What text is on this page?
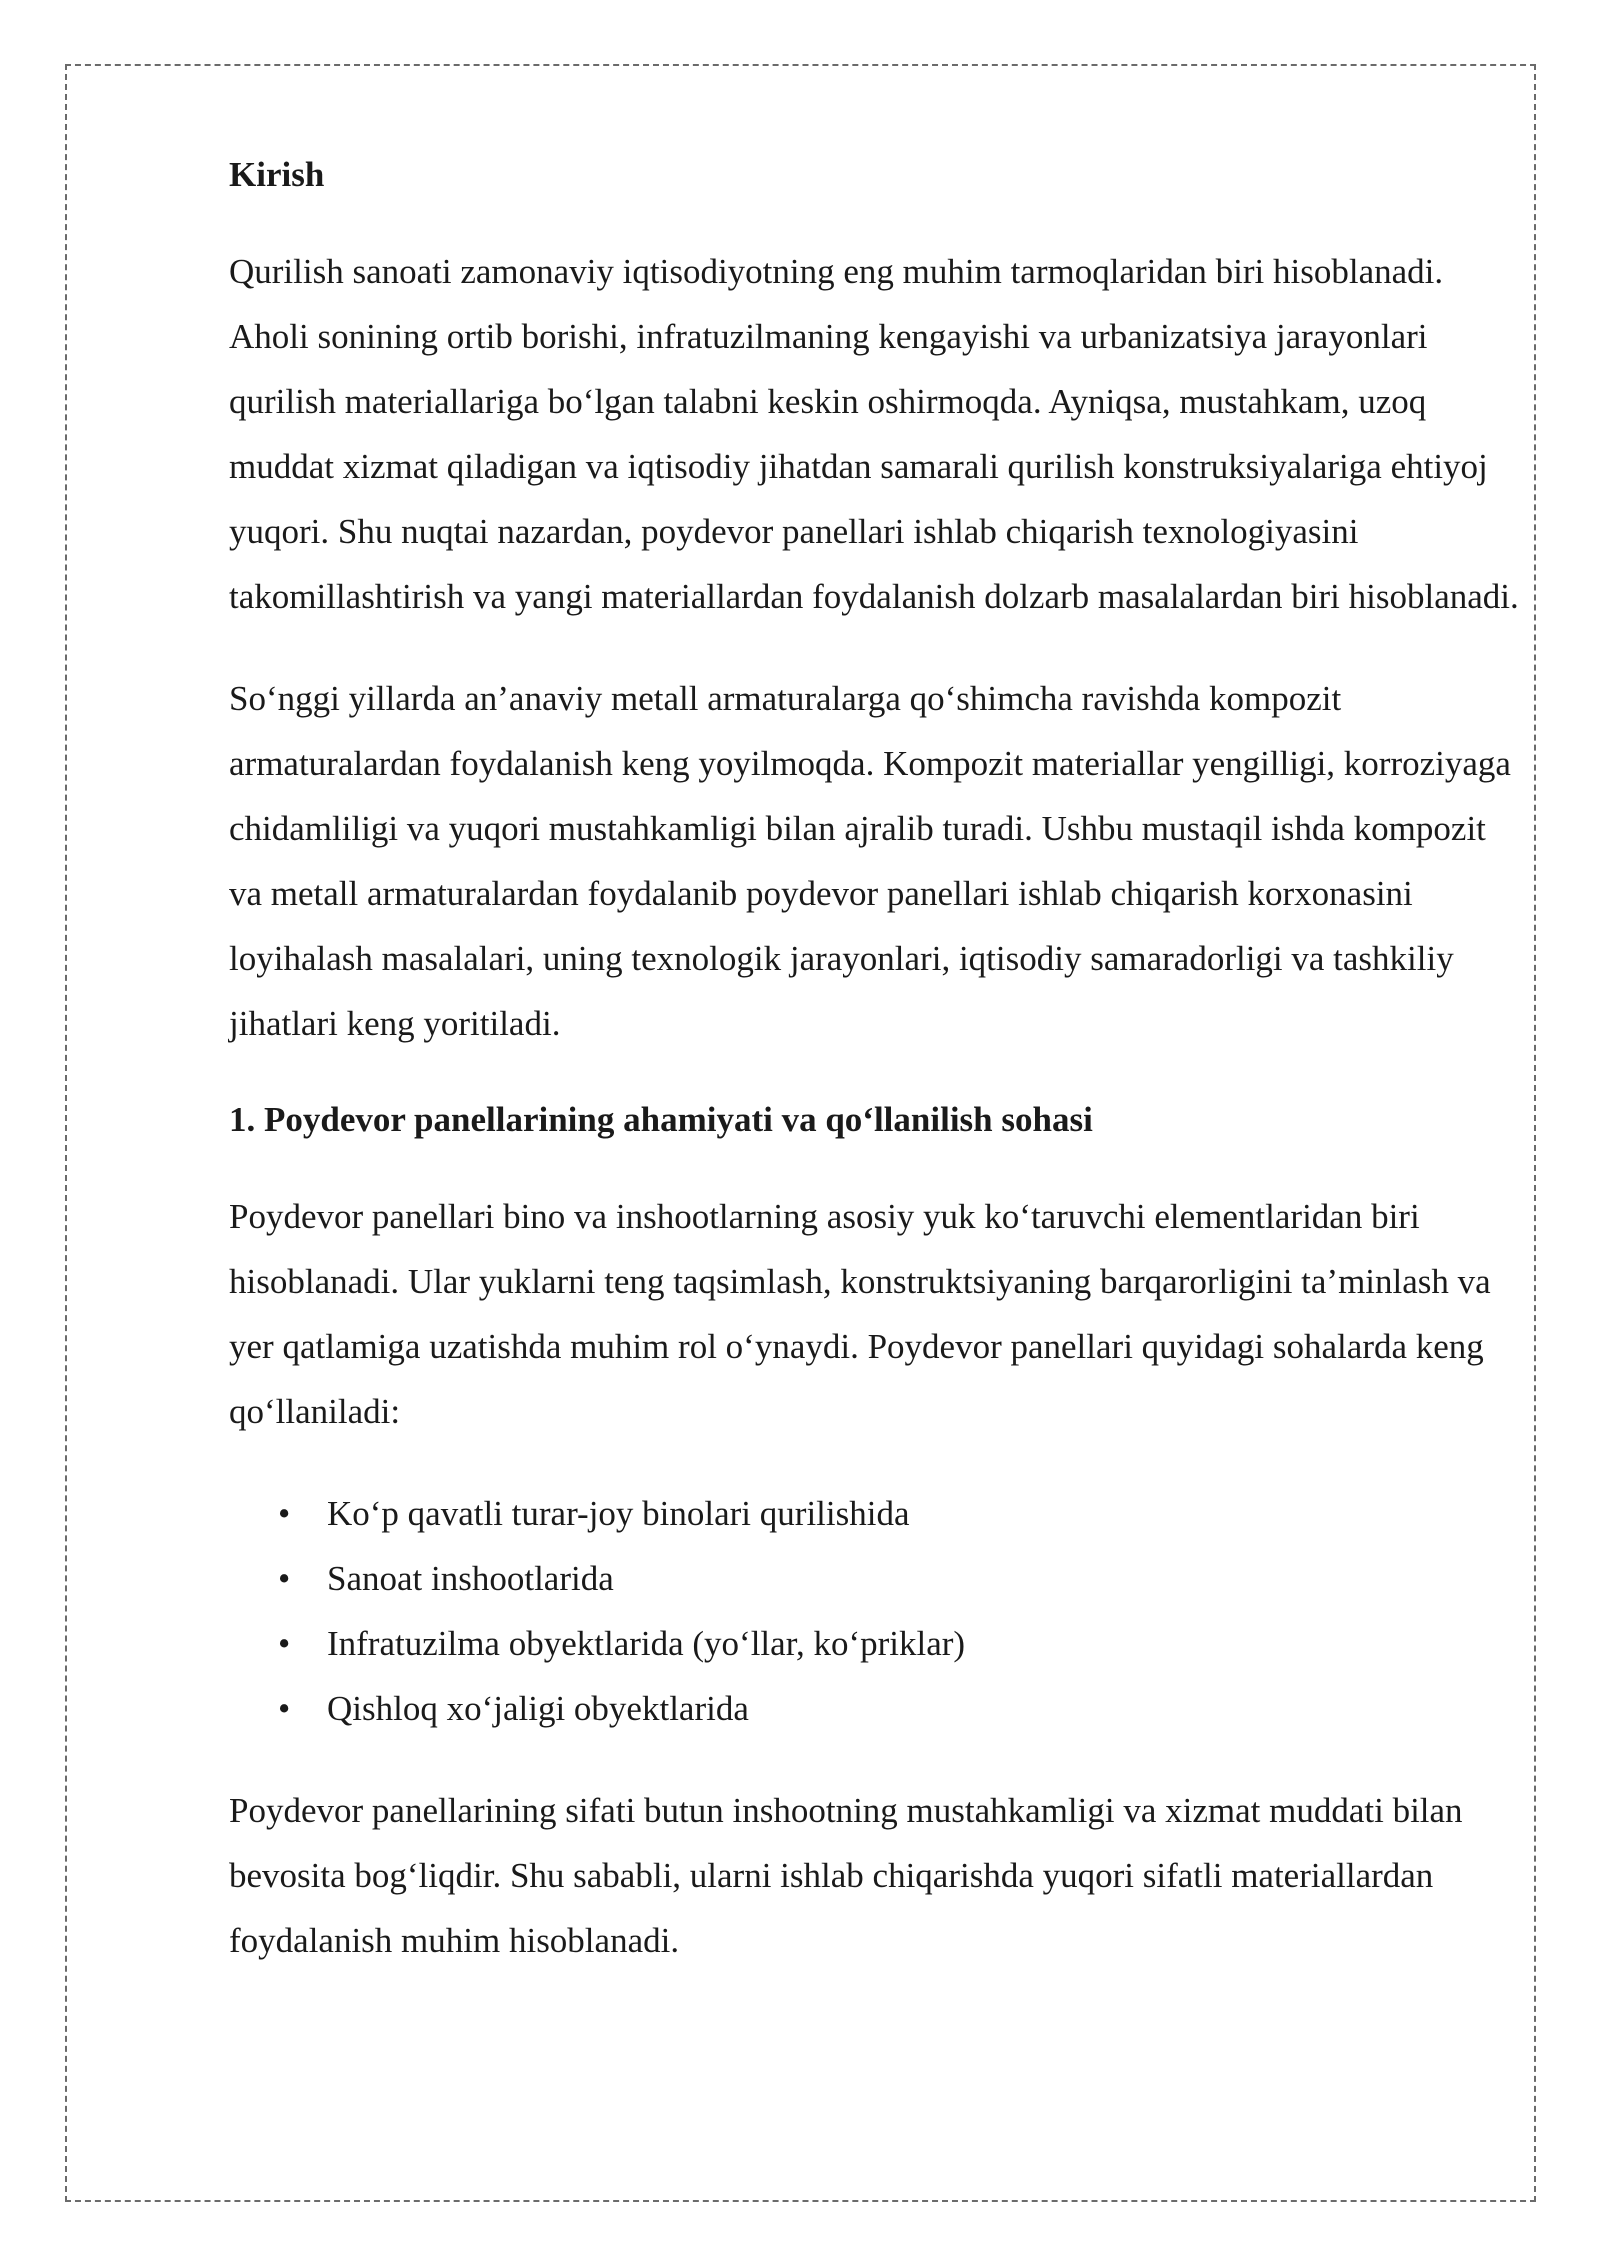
Kirish

Qurilish sanoati zamonaviy iqtisodiyotning eng muhim tarmoqlaridan biri hisoblanadi. Aholi sonining ortib borishi, infratuzilmaning kengayishi va urbanizatsiya jarayonlari qurilish materiallariga bo‘lgan talabni keskin oshirmoqda. Ayniqsa, mustahkam, uzoq muddat xizmat qiladigan va iqtisodiy jihatdan samarali qurilish konstruksiyalariga ehtiyoj yuqori. Shu nuqtai nazardan, poydevor panellari ishlab chiqarish texnologiyasini takomillashtirish va yangi materiallardan foydalanish dolzarb masalalardan biri hisoblanadi.

So‘nggi yillarda an’anaviy metall armaturalarga qo‘shimcha ravishda kompozit armaturalardan foydalanish keng yoyilmoqda. Kompozit materiallar yengilligi, korroziyaga chidamliligi va yuqori mustahkamligi bilan ajralib turadi. Ushbu mustaqil ishda kompozit va metall armaturalardan foydalanib poydevor panellari ishlab chiqarish korxonasini loyihalash masalalari, uning texnologik jarayonlari, iqtisodiy samaradorligi va tashkiliy jihatlari keng yoritiladi.

1. Poydevor panellarining ahamiyati va qo‘llanilish sohasi

Poydevor panellari bino va inshootlarning asosiy yuk ko‘taruvchi elementlaridan biri hisoblanadi. Ular yuklarni teng taqsimlash, konstruktsiyaning barqarorligini ta’minlash va yer qatlamiga uzatishda muhim rol o‘ynaydi. Poydevor panellari quyidagi sohalarda keng qo‘llaniladi:

• Ko‘p qavatli turar-joy binolari qurilishida
• Sanoat inshootlarida
• Infratuzilma obyektlarida (yo‘llar, ko‘priklar)
• Qishloq xo‘jaligi obyektlarida

Poydevor panellarining sifati butun inshootning mustahkamligi va xizmat muddati bilan bevosita bog‘liqdir. Shu sababli, ularni ishlab chiqarishda yuqori sifatli materiallardan foydalanish muhim hisoblanadi.
